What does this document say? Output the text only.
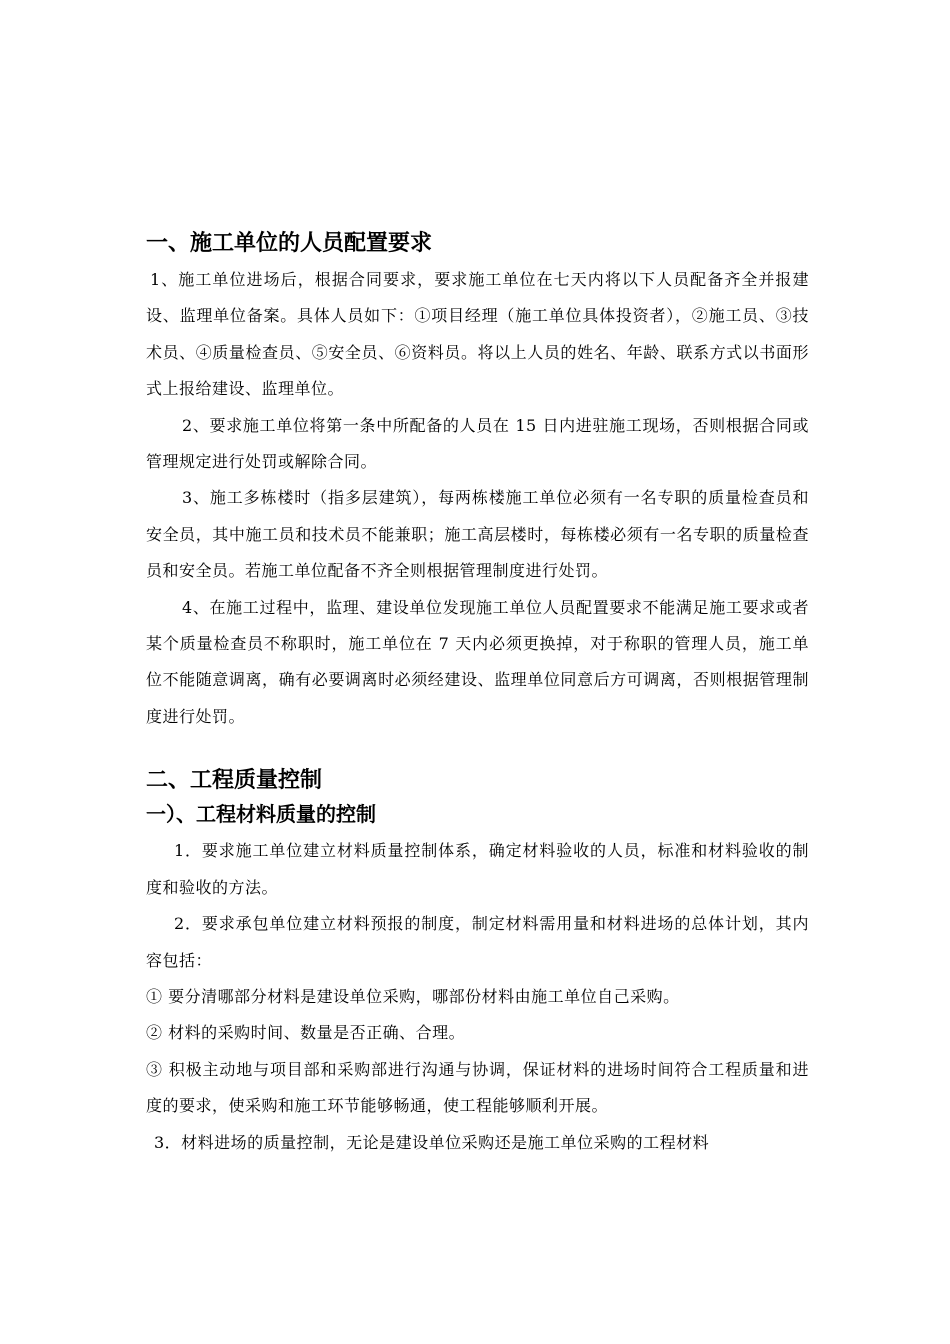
一、施工单位的人员配置要求

1、施工单位进场后，根据合同要求，要求施工单位在七天内将以下人员配备齐全并报建设、监理单位备案。具体人员如下：①项目经理（施工单位具体投资者），②施工员、③技术员、④质量检查员、⑤安全员、⑥资料员。将以上人员的姓名、年龄、联系方式以书面形式上报给建设、监理单位。

2、要求施工单位将第一条中所配备的人员在 15 日内进驻施工现场，否则根据合同或管理规定进行处罚或解除合同。

3、施工多栋楼时（指多层建筑），每两栋楼施工单位必须有一名专职的质量检查员和安全员，其中施工员和技术员不能兼职；施工高层楼时，每栋楼必须有一名专职的质量检查员和安全员。若施工单位配备不齐全则根据管理制度进行处罚。

4、在施工过程中，监理、建设单位发现施工单位人员配置要求不能满足施工要求或者某个质量检查员不称职时，施工单位在 7 天内必须更换掉，对于称职的管理人员，施工单位不能随意调离，确有必要调离时必须经建设、监理单位同意后方可调离，否则根据管理制度进行处罚。

二、工程质量控制
一）、工程材料质量的控制

1．要求施工单位建立材料质量控制体系，确定材料验收的人员，标准和材料验收的制度和验收的方法。

2．要求承包单位建立材料预报的制度，制定材料需用量和材料进场的总体计划，其内容包括：

① 要分清哪部分材料是建设单位采购，哪部份材料由施工单位自己采购。

② 材料的采购时间、数量是否正确、合理。

③ 积极主动地与项目部和采购部进行沟通与协调，保证材料的进场时间符合工程质量和进度的要求，使采购和施工环节能够畅通，使工程能够顺利开展。

3．材料进场的质量控制，无论是建设单位采购还是施工单位采购的工程材料
